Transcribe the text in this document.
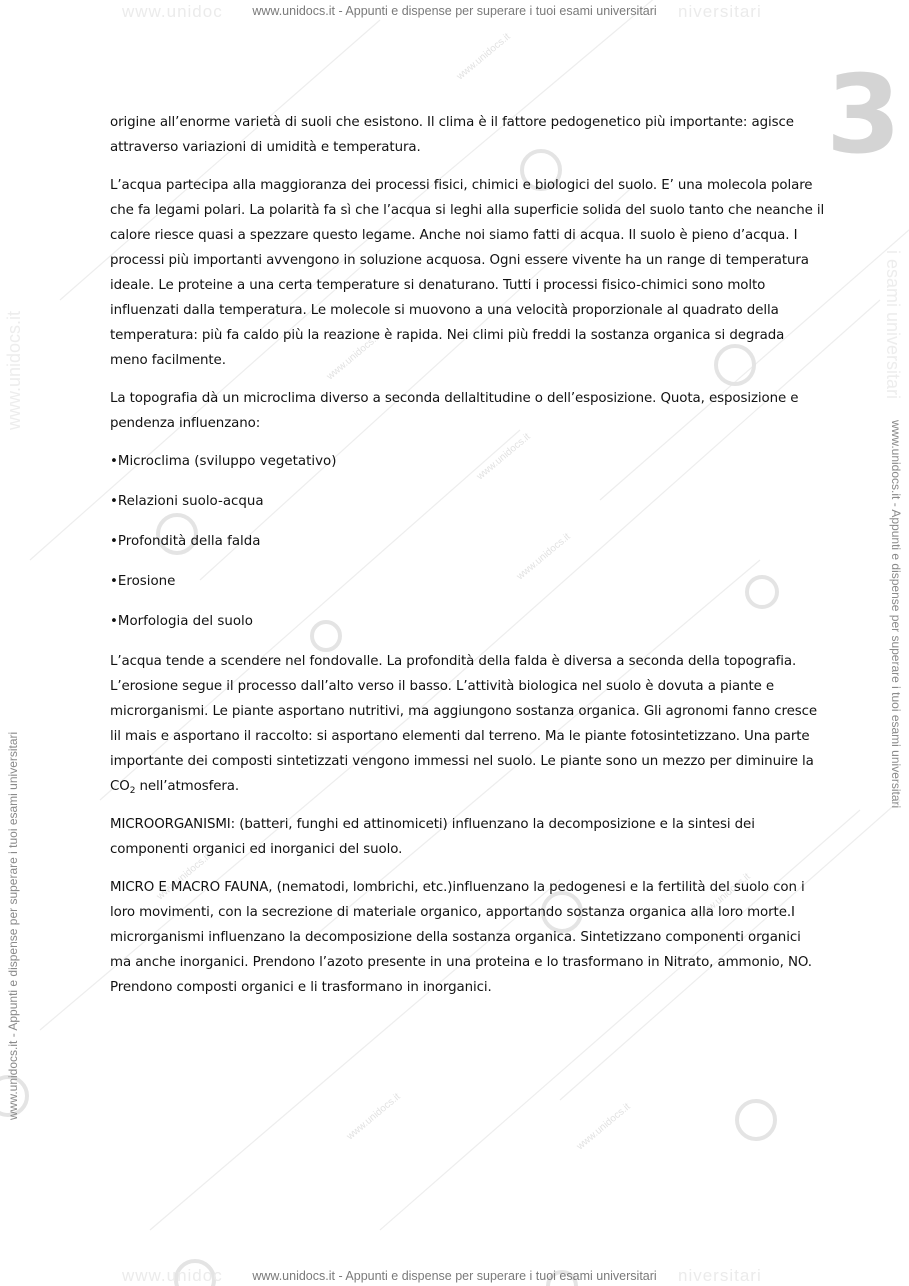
www.unidocs.it
www.unidocs.it
www.unidocs.it
www.unidocs.it
www.unidocs.it
www.unidocs.it
www.unidocs.it
www.unidocs.it
www.unidoc	niversitari
www.unidocs.it - Appunti e dispense per superare i tuoi esami universitari
www.unidoc	niversitari
www.unidocs.it - Appunti e dispense per superare i tuoi esami universitari
www.unidocs.it
www.unidocs.it - Appunti e dispense per superare i tuoi esami universitari
i esami universitari
www.unidocs.it - Appunti e dispense per superare i tuoi esami universitari
3

origine all’enorme varietà di suoli che esistono. Il clima è il fattore pedogenetico più importante: agisce attraverso variazioni di umidità e temperatura.

L’acqua partecipa alla maggioranza dei processi fisici, chimici e biologici del suolo. E’ una molecola polare che fa legami polari. La polarità fa sì che l’acqua si leghi alla superficie solida del suolo tanto che neanche il calore riesce quasi a spezzare questo legame. Anche noi siamo fatti di acqua. Il suolo è pieno d’acqua. I processi più importanti avvengono in soluzione acquosa. Ogni essere vivente ha un range di temperatura ideale. Le proteine a una certa temperature si denaturano. Tutti i processi fisico-chimici sono molto influenzati dalla temperatura. Le molecole si muovono a una velocità proporzionale al quadrato della temperatura: più fa caldo più la reazione è rapida. Nei climi più freddi la sostanza organica si degrada meno facilmente.

La topografia dà un microclima diverso a seconda dellaltitudine o dell’esposizione. Quota, esposizione e pendenza influenzano:

•Microclima (sviluppo vegetativo)

•Relazioni suolo-acqua

•Profondità della falda

•Erosione

•Morfologia del suolo

L’acqua tende a scendere nel fondovalle. La profondità della falda è diversa a seconda della topografia. L’erosione segue il processo dall’alto verso il basso. L’attività biologica nel suolo è dovuta a piante e microrganismi. Le piante asportano nutritivi, ma aggiungono sostanza organica. Gli agronomi fanno cresce lil mais e asportano il raccolto: si asportano elementi dal terreno. Ma le piante fotosintetizzano. Una parte importante dei composti sintetizzati vengono immessi nel suolo. Le piante sono un mezzo per diminuire la $CO_2$ nell’atmosfera.

MICROORGANISMI: (batteri, funghi ed attinomiceti) influenzano la decomposizione e la sintesi dei componenti organici ed inorganici del suolo.

MICRO E MACRO FAUNA, (nematodi, lombrichi, etc.)influenzano la pedogenesi e la fertilità del suolo con i loro movimenti, con la secrezione di materiale organico, apportando sostanza organica alla loro morte.I microrganismi influenzano la decomposizione della sostanza organica. Sintetizzano componenti organici ma anche inorganici. Prendono l’azoto presente in una proteina e lo trasformano in Nitrato, ammonio, NO. Prendono composti organici e li trasformano in inorganici.
